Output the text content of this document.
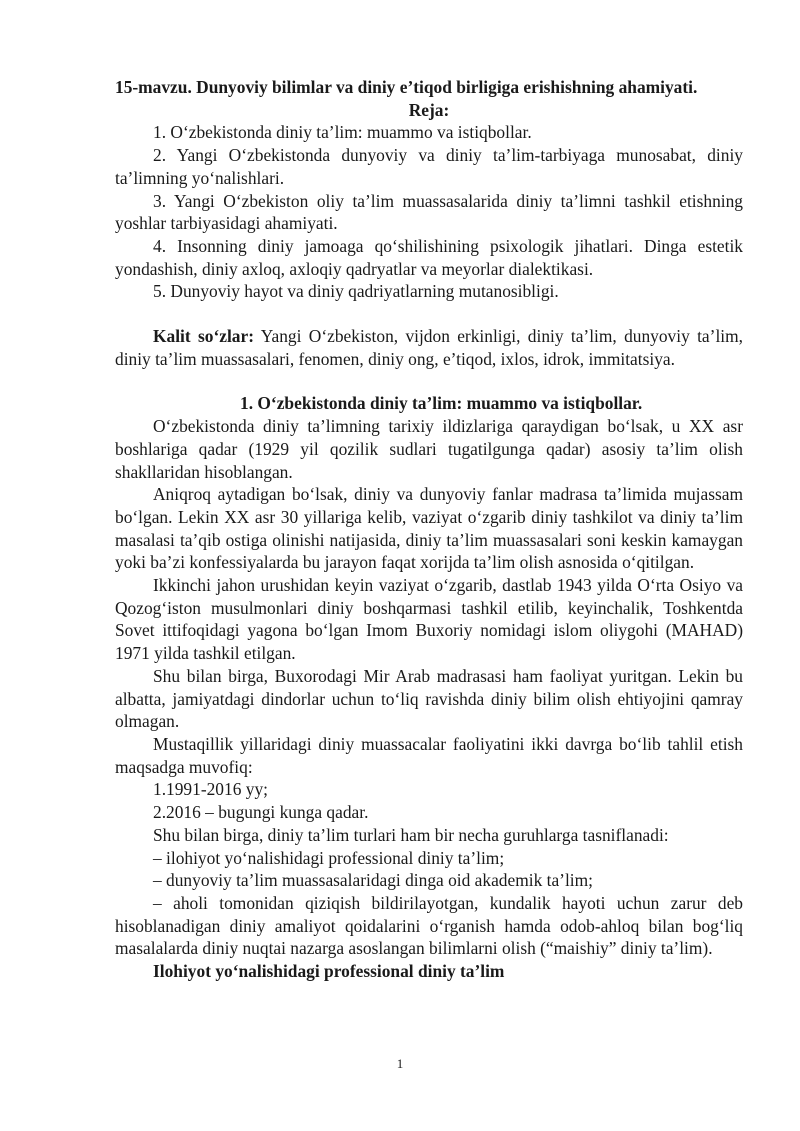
15-mavzu. Dunyoviy bilimlar va diniy e’tiqod birligiga erishishning ahamiyati.

Reja:

1. O‘zbekistonda diniy ta’lim: muammo va istiqbollar.

2. Yangi O‘zbekistonda dunyoviy va diniy ta’lim-tarbiyaga munosabat, diniy ta’limning yo‘nalishlari.

3. Yangi O‘zbekiston oliy ta’lim muassasalarida diniy ta’limni tashkil etishning yoshlar tarbiyasidagi ahamiyati.

4. Insonning diniy jamoaga qo‘shilishining psixologik jihatlari. Dinga estetik yondashish, diniy axloq, axloqiy qadryatlar va meyorlar dialektikasi.

5. Dunyoviy hayot va diniy qadriyatlarning mutanosibligi.

Kalit so‘zlar: Yangi O‘zbekiston, vijdon erkinligi, diniy ta’lim, dunyoviy ta’lim, diniy ta’lim muassasalari, fenomen, diniy ong, e’tiqod, ixlos, idrok, immitatsiya.

1. O‘zbekistonda diniy ta’lim: muammo va istiqbollar.

O‘zbekistonda diniy ta’limning tarixiy ildizlariga qaraydigan bo‘lsak, u XX asr boshlariga qadar (1929 yil qozilik sudlari tugatilgunga qadar) asosiy ta’lim olish shakllaridan hisoblangan.

Aniqroq aytadigan bo‘lsak, diniy va dunyoviy fanlar madrasa ta’limida mujassam bo‘lgan. Lekin XX asr 30 yillariga kelib, vaziyat o‘zgarib diniy tashkilot va diniy ta’lim masalasi ta’qib ostiga olinishi natijasida, diniy ta’lim muassasalari soni keskin kamaygan yoki ba’zi konfessiyalarda bu jarayon faqat xorijda ta’lim olish asnosida o‘qitilgan.

Ikkinchi jahon urushidan keyin vaziyat o‘zgarib, dastlab 1943 yilda O‘rta Osiyo va Qozog‘iston musulmonlari diniy boshqarmasi tashkil etilib, keyinchalik, Toshkentda Sovet ittifoqidagi yagona bo‘lgan Imom Buxoriy nomidagi islom oliygohi (MAHAD) 1971 yilda tashkil etilgan.

Shu bilan birga, Buxorodagi Mir Arab madrasasi ham faoliyat yuritgan. Lekin bu albatta, jamiyatdagi dindorlar uchun to‘liq ravishda diniy bilim olish ehtiyojini qamray olmagan.

Mustaqillik yillaridagi diniy muassacalar faoliyatini ikki davrga bo‘lib tahlil etish maqsadga muvofiq:

1.1991-2016 yy;

2.2016 – bugungi kunga qadar.

Shu bilan birga, diniy ta’lim turlari ham bir necha guruhlarga tasniflanadi:

– ilohiyot yo‘nalishidagi professional diniy ta’lim;

– dunyoviy ta’lim muassasalaridagi dinga oid akademik ta’lim;

– aholi tomonidan qiziqish bildirilayotgan, kundalik hayoti uchun zarur deb hisoblanadigan diniy amaliyot qoidalarini o‘rganish hamda odob-ahloq bilan bog‘liq masalalarda diniy nuqtai nazarga asoslangan bilimlarni olish (“maishiy” diniy ta’lim).

Ilohiyot yo‘nalishidagi professional diniy ta’lim

1
